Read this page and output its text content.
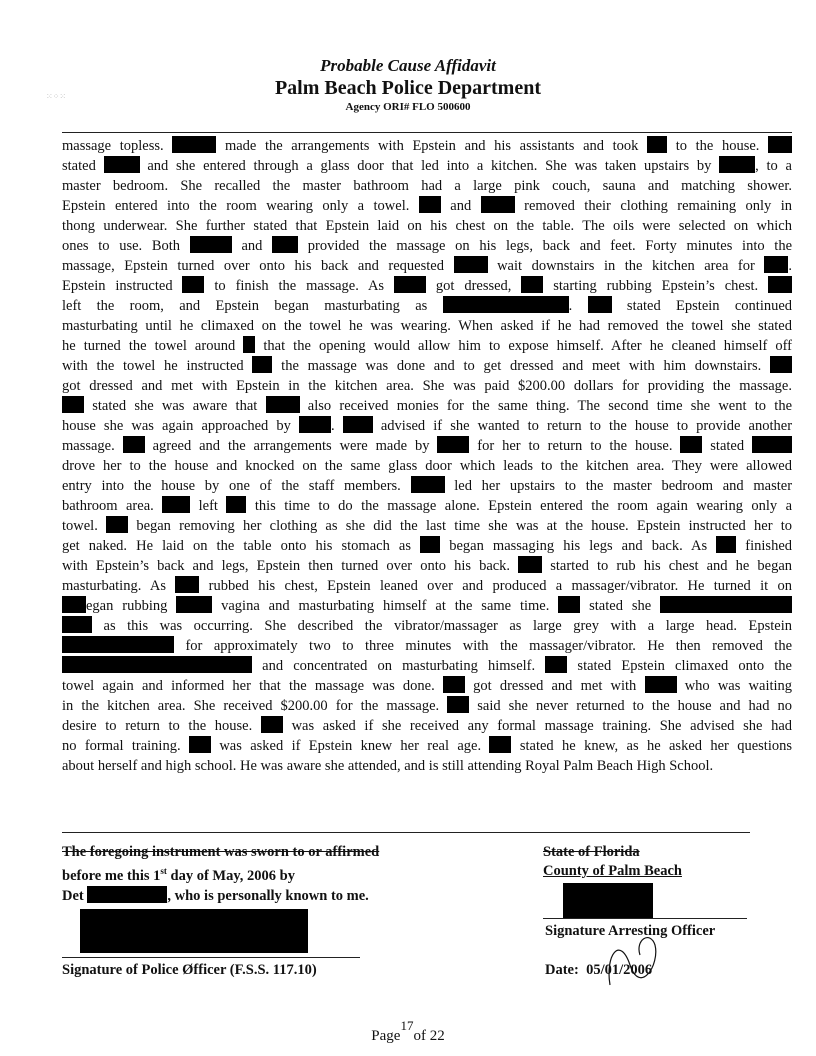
⁙⁘⁙
Probable Cause Affidavit
Palm Beach Police Department
Agency ORI# FLO 500600
massage topless.	made the arrangements with Epstein and his assistants and took	to the house.
stated	and she entered through a glass door that led into a kitchen. She was taken upstairs by	, to a
master bedroom. She recalled the master bathroom had a large pink couch, sauna and matching shower.
Epstein entered into the room wearing only a towel.	and	removed their clothing remaining only in
thong underwear. She further stated that Epstein laid on his chest on the table. The oils were selected on which
ones to use. Both	and	provided the massage on his legs, back and feet. Forty minutes into the
massage, Epstein turned over onto his back and requested	wait downstairs in the kitchen area for .
Epstein instructed	to finish the massage. As	got dressed,	starting rubbing Epstein’s chest.
left the room, and Epstein began masturbating as	.	stated Epstein continued
masturbating until he climaxed on the towel he was wearing. When asked if he had removed the towel she stated
he turned the towel around that the opening would allow him to expose himself. After he cleaned himself off
with the towel he instructed	the massage was done and to get dressed and meet with him downstairs.
got dressed and met with Epstein in the kitchen area. She was paid $200.00 dollars for providing the massage.
stated she was aware that	also received monies for the same thing. The second time she went to the
house she was again approached by	.	advised if she wanted to return to the house to provide another
massage.	agreed and the arrangements were made by	for her to return to the house.	stated
drove her to the house and knocked on the same glass door which leads to the kitchen area. They were allowed
entry into the house by one of the staff members.	led her upstairs to the master bedroom and master
bathroom area.	left	this time to do the massage alone. Epstein entered the room again wearing only a
towel.	began removing her clothing as she did the last time she was at the house. Epstein instructed her to
get naked. He laid on the table onto his stomach as	began massaging his legs and back. As	finished
with Epstein’s back and legs, Epstein then turned over onto his back.	started to rub his chest and he began
masturbating. As	rubbed his chest, Epstein leaned over and produced a massager/vibrator. He turned it on
egan rubbing	vagina and masturbating himself at the same time.	stated she
as this was occurring. She described the vibrator/massager as large grey with a large head. Epstein
for approximately two to three minutes with the massager/vibrator. He then removed the
and concentrated on masturbating himself.	stated Epstein climaxed onto the
towel again and informed her that the massage was done.	got dressed and met with	who was waiting
in the kitchen area. She received $200.00 for the massage.	said she never returned to the house and had no
desire to return to the house.	was asked if she received any formal massage training. She advised she had
no formal training.	was asked if Epstein knew her real age.	stated he knew, as he asked her questions
about herself and high school. He was aware she attended, and is still attending Royal Palm Beach High School.

The foregoing instrument was sworn to or affirmed

before me this 1st day of May, 2006 by

Det	, who is personally known to me.

Signature of Police Øfficer (F.S.S. 117.10)

State of Florida

County of Palm Beach

Signature Arresting Officer
Date: 05/01/2006
Page$^{17}$of 22
